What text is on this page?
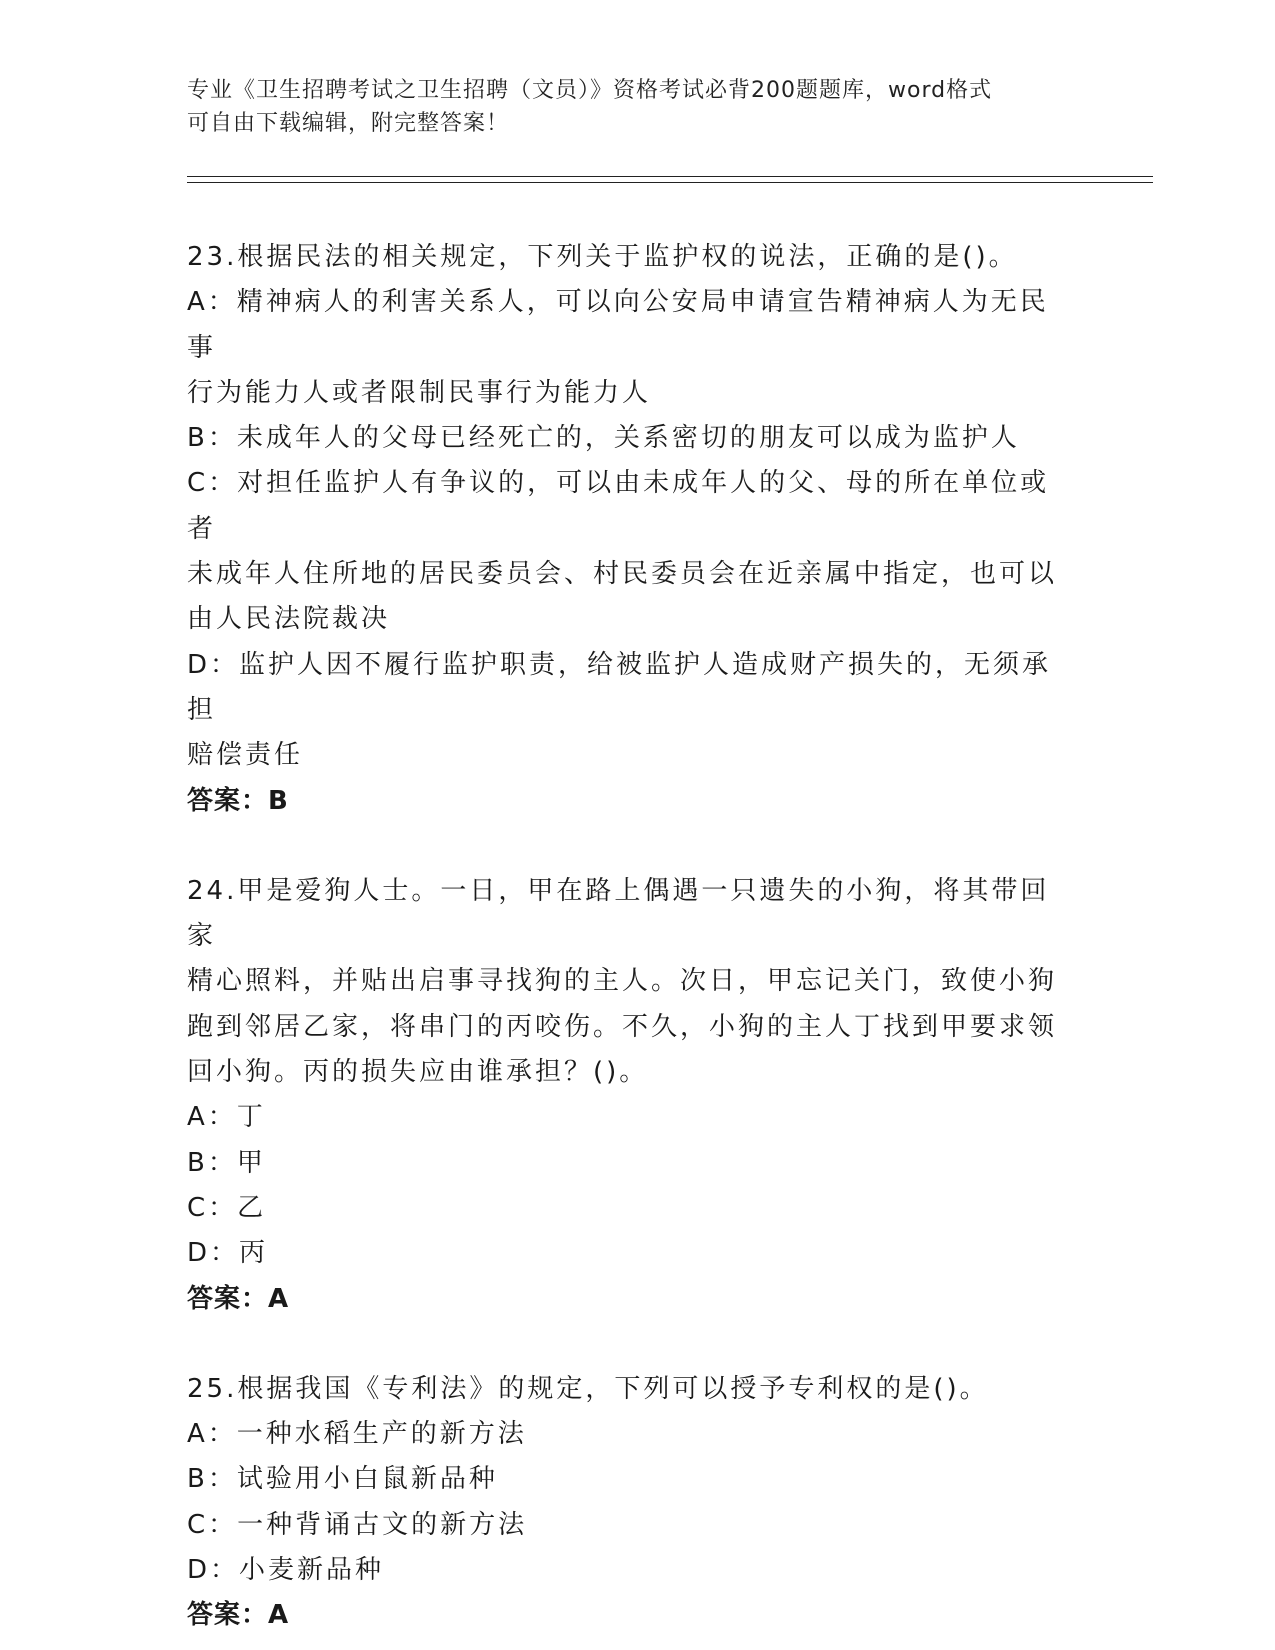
专业《卫生招聘考试之卫生招聘（文员）》资格考试必背200题题库，word格式
可自由下载编辑，附完整答案！
23.根据民法的相关规定，下列关于监护权的说法，正确的是()。
A：精神病人的利害关系人，可以向公安局申请宣告精神病人为无民事
行为能力人或者限制民事行为能力人
B：未成年人的父母已经死亡的，关系密切的朋友可以成为监护人
C：对担任监护人有争议的，可以由未成年人的父、母的所在单位或者
未成年人住所地的居民委员会、村民委员会在近亲属中指定，也可以
由人民法院裁决
D：监护人因不履行监护职责，给被监护人造成财产损失的，无须承担
赔偿责任
答案：B
24.甲是爱狗人士。一日，甲在路上偶遇一只遗失的小狗，将其带回家
精心照料，并贴出启事寻找狗的主人。次日，甲忘记关门，致使小狗
跑到邻居乙家，将串门的丙咬伤。不久，小狗的主人丁找到甲要求领
回小狗。丙的损失应由谁承担？()。
A：丁
B：甲
C：乙
D：丙
答案：A
25.根据我国《专利法》的规定，下列可以授予专利权的是()。
A：一种水稻生产的新方法
B：试验用小白鼠新品种
C：一种背诵古文的新方法
D：小麦新品种
答案：A
